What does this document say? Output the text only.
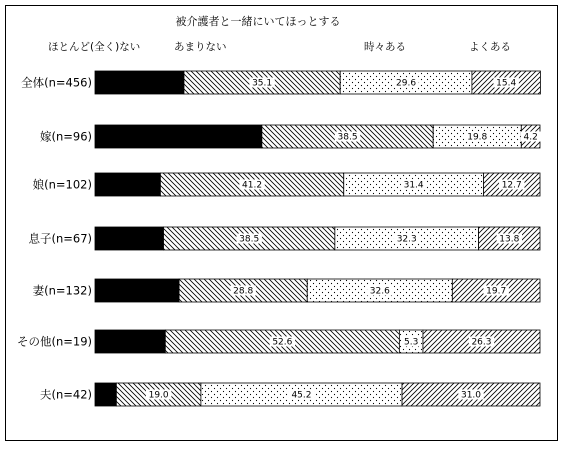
被介護者と一緒にいてほっとする
ほとんど(全く)ない	あまりない	時々ある	よくある
全体(n=456)	200	35.1	29.6	15.4
嫁(n=96)	37.5	38.5	19.8	4.2
娘(n=102)	14.7	41.2	31.4	12.7
息子(n=67)	15.4	38.5	32.3	13.8
妻(n=132)	18.9	28.8	32.6	19.7
その他(n=19)	15.8	52.6	5.3	26.3
夫(n=42) 4.8	19.0	45.2	31.0
